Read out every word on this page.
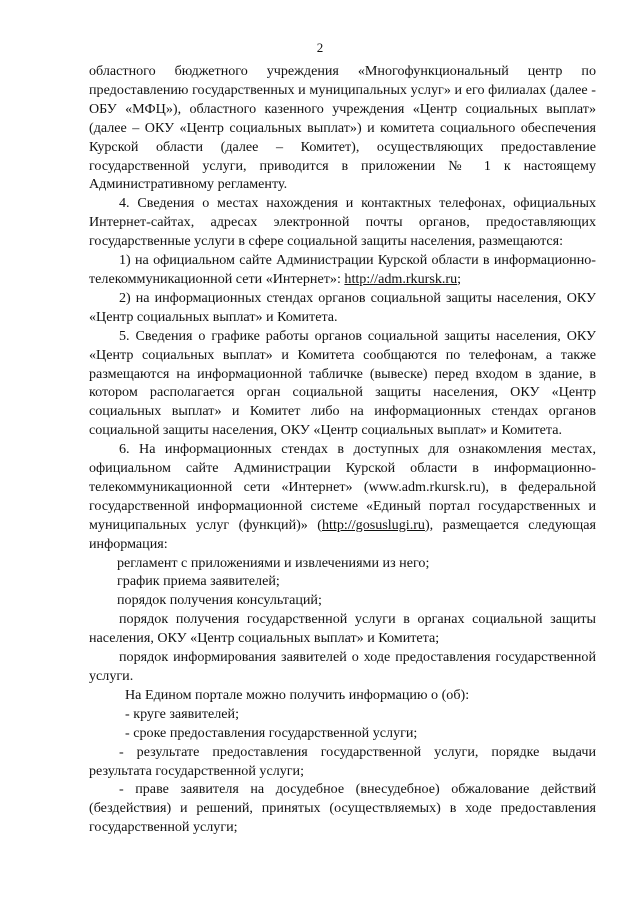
2

областного бюджетного учреждения «Многофункциональный центр по предоставлению государственных и муниципальных услуг» и его филиалах (далее - ОБУ «МФЦ»), областного казенного учреждения «Центр социальных выплат» (далее – ОКУ «Центр социальных выплат») и комитета социального обеспечения Курской области (далее – Комитет), осуществляющих предоставление государственной услуги, приводится в приложении № 1 к настоящему Административному регламенту.

4. Сведения о местах нахождения и контактных телефонах, официальных Интернет-сайтах, адресах электронной почты органов, предоставляющих государственные услуги в сфере социальной защиты населения, размещаются:

1) на официальном сайте Администрации Курской области в информационно-телекоммуникационной сети «Интернет»: http://adm.rkursk.ru;

2) на информационных стендах органов социальной защиты населения, ОКУ «Центр социальных выплат» и Комитета.

5. Сведения о графике работы органов социальной защиты населения, ОКУ «Центр социальных выплат» и Комитета сообщаются по телефонам, а также размещаются на информационной табличке (вывеске) перед входом в здание, в котором располагается орган социальной защиты населения, ОКУ «Центр социальных выплат» и Комитет либо на информационных стендах органов социальной защиты населения, ОКУ «Центр социальных выплат» и Комитета.

6. На информационных стендах в доступных для ознакомления местах, официальном сайте Администрации Курской области в информационно-телекоммуникационной сети «Интернет» (www.adm.rkursk.ru), в федеральной государственной информационной системе «Единый портал государственных и муниципальных услуг (функций)» (http://gosuslugi.ru), размещается следующая информация:

регламент с приложениями и извлечениями из него;

график приема заявителей;

порядок получения консультаций;

порядок получения государственной услуги в органах социальной защиты населения, ОКУ «Центр социальных выплат» и Комитета;

порядок информирования заявителей о ходе предоставления государственной услуги.

На Едином портале можно получить информацию о (об):

- круге заявителей;

- сроке предоставления государственной услуги;

- результате предоставления государственной услуги, порядке выдачи результата государственной услуги;

- праве заявителя на досудебное (внесудебное) обжалование действий (бездействия) и решений, принятых (осуществляемых) в ходе предоставления государственной услуги;
